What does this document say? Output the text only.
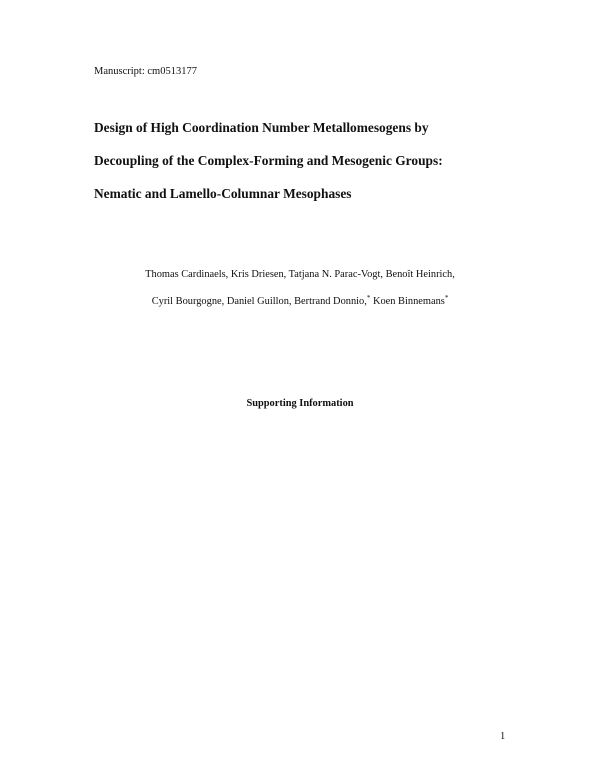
Manuscript: cm0513177
Design of High Coordination Number Metallomesogens by
Decoupling of the Complex-Forming and Mesogenic Groups:
Nematic and Lamello-Columnar Mesophases
Thomas Cardinaels, Kris Driesen, Tatjana N. Parac-Vogt, Benoît Heinrich,
Cyril Bourgogne, Daniel Guillon, Bertrand Donnio,* Koen Binnemans*
Supporting Information
1
